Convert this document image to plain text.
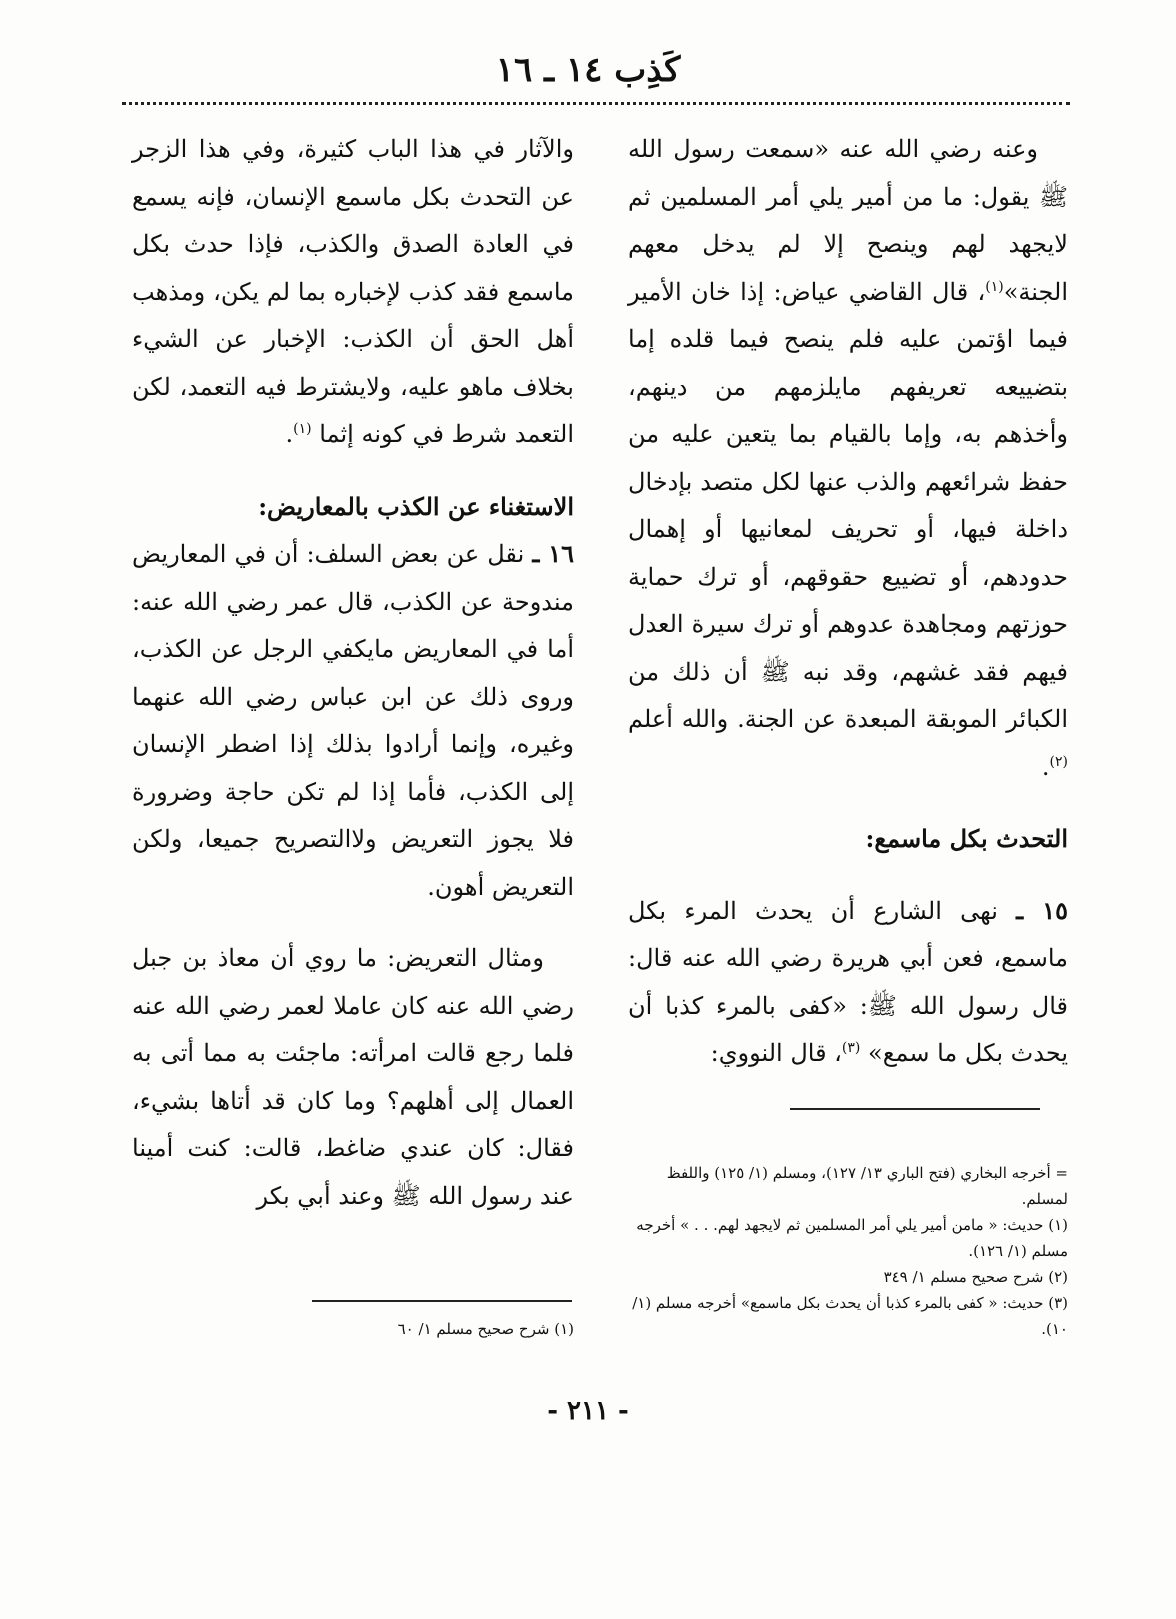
كَذِب ١٤ ـ ١٦

وعنه رضي الله عنه «سمعت رسول الله ﷺ يقول: ما من أمير يلي أمر المسلمين ثم لايجهد لهم وينصح إلا لم يدخل معهم الجنة»$^{(١)}$، قال القاضي عياض: إذا خان الأمير فيما اؤتمن عليه فلم ينصح فيما قلده إما بتضييعه تعريفهم مايلزمهم من دينهم، وأخذهم به، وإما بالقيام بما يتعين عليه من حفظ شرائعهم والذب عنها لكل متصد بإدخال داخلة فيها، أو تحريف لمعانيها أو إهمال حدودهم، أو تضييع حقوقهم، أو ترك حماية حوزتهم ومجاهدة عدوهم أو ترك سيرة العدل فيهم فقد غشهم، وقد نبه ﷺ أن ذلك من الكبائر الموبقة المبعدة عن الجنة. والله أعلم $^{(٢)}$.

التحدث بكل ماسمع:

١٥ ـ نهى الشارع أن يحدث المرء بكل ماسمع، فعن أبي هريرة رضي الله عنه قال: قال رسول الله ﷺ: «كفى بالمرء كذبا أن يحدث بكل ما سمع» $^{(٣)}$، قال النووي:

والآثار في هذا الباب كثيرة، وفي هذا الزجر عن التحدث بكل ماسمع الإنسان، فإنه يسمع في العادة الصدق والكذب، فإذا حدث بكل ماسمع فقد كذب لإخباره بما لم يكن، ومذهب أهل الحق أن الكذب: الإخبار عن الشيء بخلاف ماهو عليه، ولايشترط فيه التعمد، لكن التعمد شرط في كونه إثما $^{(١)}$.

الاستغناء عن الكذب بالمعاريض:

١٦ ـ نقل عن بعض السلف: أن في المعاريض مندوحة عن الكذب، قال عمر رضي الله عنه: أما في المعاريض مايكفي الرجل عن الكذب، وروى ذلك عن ابن عباس رضي الله عنهما وغيره، وإنما أرادوا بذلك إذا اضطر الإنسان إلى الكذب، فأما إذا لم تكن حاجة وضرورة فلا يجوز التعريض ولاالتصريح جميعا، ولكن التعريض أهون.

ومثال التعريض: ما روي أن معاذ بن جبل رضي الله عنه كان عاملا لعمر رضي الله عنه فلما رجع قالت امرأته: ماجئت به مما أتى به العمال إلى أهلهم؟ وما كان قد أتاها بشيء، فقال: كان عندي ضاغط، قالت: كنت أمينا عند رسول الله ﷺ وعند أبي بكر

= أخرجه البخاري (فتح الباري ١٣/ ١٢٧)، ومسلم (١/ ١٢٥) واللفظ لمسلم.

(١) حديث: « مامن أمير يلي أمر المسلمين ثم لايجهد لهم. . . » أخرجه مسلم (١/ ١٢٦).

(٢) شرح صحيح مسلم ١/ ٣٤٩

(٣) حديث: « كفى بالمرء كذبا أن يحدث بكل ماسمع» أخرجه مسلم (١/ ١٠).

(١) شرح صحيح مسلم ١/ ٦٠

- ٢١١ -
